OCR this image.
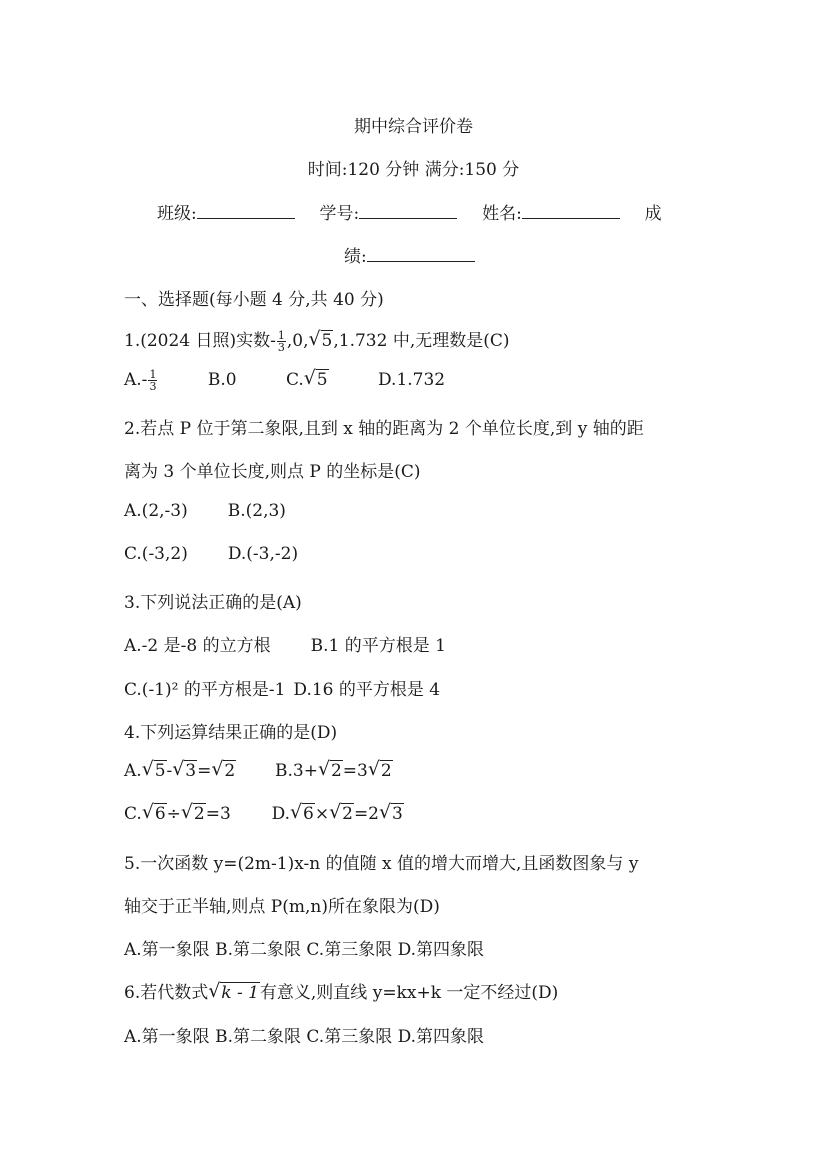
期中综合评价卷
时间:120 分钟 满分:150 分
班级:	学号:	姓名:	成
绩:
一、选择题(每小题 4 分,共 40 分)
1.(2024 日照)实数- $\frac{1}{3} ,0,√$ 5,1.732 中,无理数是(C)
$A.- \frac{1}{3}$	B.0	C.√ 5	D.1.732
2.若点 P 位于第二象限,且到 x 轴的距离为 2 个单位长度,到 y 轴的距
离为 3 个单位长度,则点 P 的坐标是(C)
A.(2,-3) B.(2,3)
C.(-3,2) D.(-3,-2)
3.下列说法正确的是(A)
A.-2 是-8 的立方根 B.1 的平方根是 1
C.(-1)² 的平方根是-1 D.16 的平方根是 4
4.下列运算结果正确的是(D)
A.√ 5-√ 3=√ 2 B.3+√ 2=3√ 2
C.√ 6÷√ 2=3 D.√ 6×√ 2=2√ 3
5.一次函数 y=(2m-1)x-n 的值随 x 值的增大而增大,且函数图象与 y
轴交于正半轴,则点 P(m,n)所在象限为(D)
A.第一象限 B.第二象限 C.第三象限 D.第四象限
6.若代数式√ k - 1有意义,则直线 y=kx+k 一定不经过(D)
A.第一象限 B.第二象限 C.第三象限 D.第四象限
